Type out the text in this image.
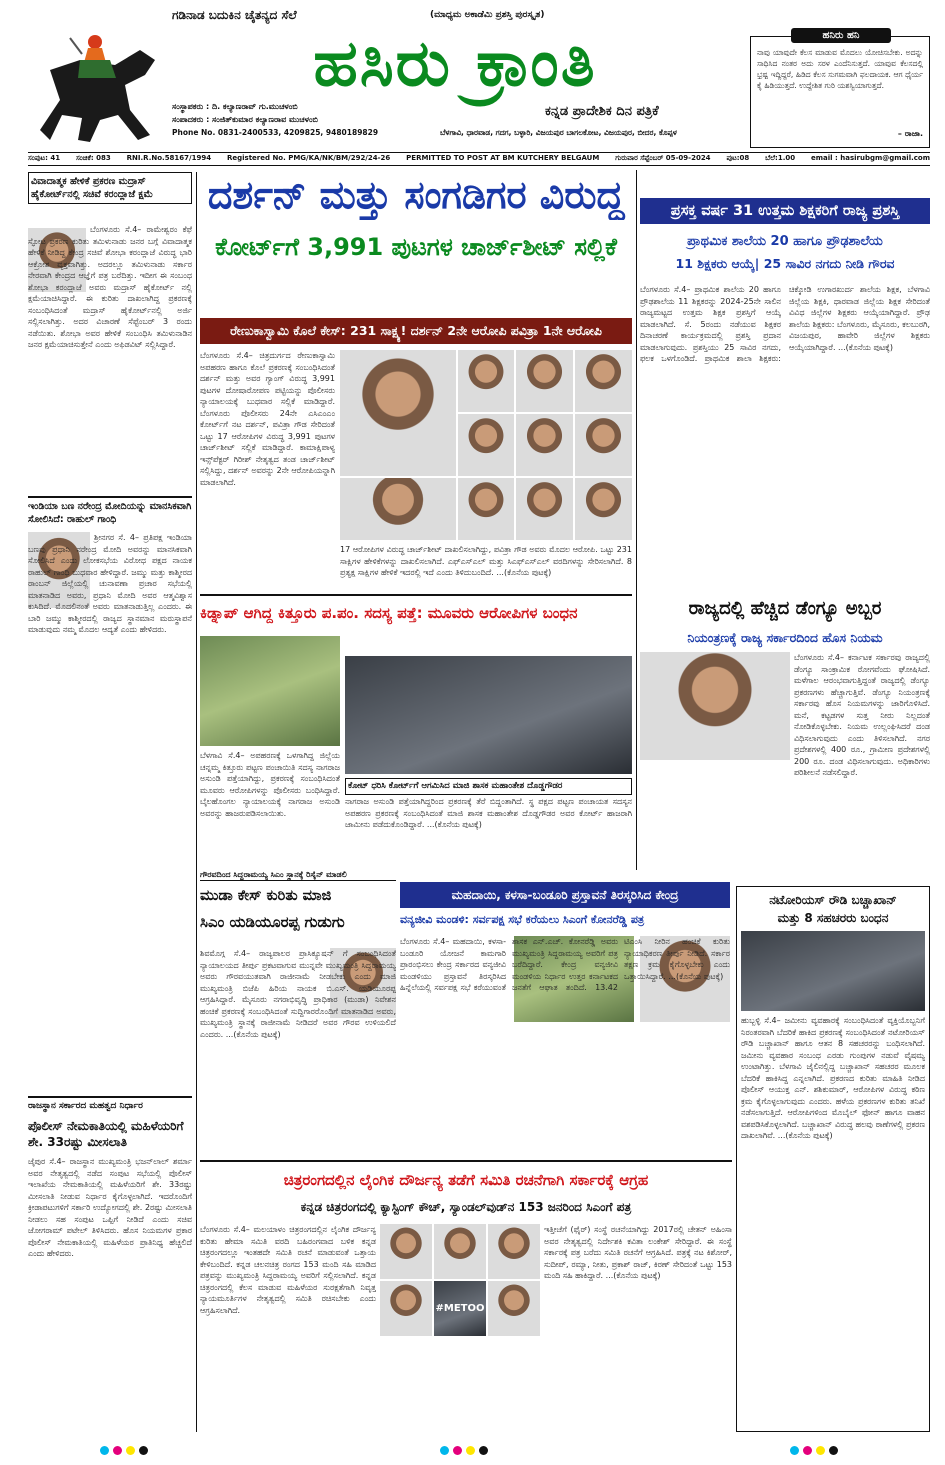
ಗಡಿನಾಡ ಬದುಕಿನ ಚೈತನ್ಯದ ಸೆಲೆ	(ಮಾಧ್ಯಮ ಅಕಾಡೆಮಿ ಪ್ರಶಸ್ತಿ ಪುರಸ್ಕೃತ)
ಹಸಿರು ಕ್ರಾಂತಿ
ಕನ್ನಡ ಪ್ರಾದೇಶಿಕ ದಿನ ಪತ್ರಿಕೆ
ಸಂಸ್ಥಾಪಕರು : ದಿ. ಕಲ್ಯಾಣರಾವ್ ಗು.ಮುಚಳಂಬಿ
ಸಂಪಾದಕರು : ಸಂಜಿತ್‌ಕುಮಾರ ಕಲ್ಯಾಣರಾವ ಮುಚಳಂಬಿ
Phone No. 0831-2400533, 4209825, 9480189829	ಬೆಳಗಾವಿ, ಧಾರವಾಡ, ಗದಗ, ಬಳ್ಳಾರಿ, ವಿಜಯಪುರ ಬಾಗಲಕೋಟ, ವಿಜಯಪುರ, ಬೀದರ, ಕೊಪ್ಪಳ
ಹನಿರು ಹನಿ
ನಾವು ಯಾವುದೇ ಕೆಲಸ ಮಾಡುವ ಮೊದಲು ಯೋಚಿಸಬೇಕು. ಅದನ್ನು ಸಾಧಿಸಿದ ನಂತರ ಅದು ಸರಳ ಎಂದೆನಿಸುತ್ತದೆ. ಯಾವುವ ಕೆಲಸದಲ್ಲಿ ಭ್ರಷ್ಟ ಇದ್ದಿದ್ದರೆ, ಹಿಡಿದ ಕೆಲಸ ಸುಗಮವಾಗಿ ಫಲದಾಯಕ. ಆಗ ಧೈರ್ಯ ಕೈ ಹಿಡಿಯುತ್ತದೆ. ಉದ್ದೇಶಿತ ಗುರಿ ಯಶಸ್ವಿಯಾಗುತ್ತದೆ.
– ರಾಜಾ.
ಸಂಪುಟ: 41 ಸಂಚಿಕೆ: 083 RNI.R.No.58167/1994 Registered No. PMG/KA/NK/BM/292/24-26 PERMITTED TO POST AT BM KUTCHERY BELGAUM ಗುರುವಾರ ಸೆಪ್ಟೆಂಬರ್ 05-09-2024 ಪುಟ:08 ಬೆಲೆ:1.00 email : hasirubgm@gmail.com
ವಿವಾದಾತ್ಮಕ ಹೇಳಿಕೆ ಪ್ರಕರಣ ಮದ್ರಾಸ್ ಹೈಕೋರ್ಟ್‌ನಲ್ಲಿ ಸಚಿವೆ ಕರಂದ್ಲಾಜೆ ಕ್ಷಮೆ
ಬೆಂಗಳೂರು ಸೆ.4– ರಾಮೇಶ್ವರಂ ಕೆಫೆ ಸ್ಫೋಟ ಪ್ರಕರಣ ಕುರಿತು ತಮಿಳುನಾಡು ಜನರ ಬಗ್ಗೆ ವಿವಾದಾತ್ಮಕ ಹೇಳಿಕೆ ನೀಡಿದ್ದ ಕೇಂದ್ರ ಸಚಿವೆ ಶೋಭಾ ಕರಂದ್ಲಾಜೆ ವಿರುದ್ಧ ಭಾರಿ ಆಕ್ರೋಶ ವ್ಯಕ್ತವಾಗಿತ್ತು. ಅದರಲ್ಲೂ ತಮಿಳುನಾಡು ಸರ್ಕಾರ ನೇರವಾಗಿ ಕೇಂದ್ರದ ಆಜ್ಞೆಗೆ ಪತ್ರ ಬರೆದಿತ್ತು. ಇದೀಗ ಈ ಸಂಬಂಧ ಶೋಭಾ ಕರಂದ್ಲಾಜೆ ಅವರು ಮದ್ರಾಸ್ ಹೈಕೋರ್ಟ್ ನಲ್ಲಿ ಕ್ಷಮೆಯಾಚಿಸಿದ್ದಾರೆ. ಈ ಕುರಿತು ದಾಖಲಾಗಿದ್ದ ಪ್ರಕರಣಕ್ಕೆ ಸಂಬಂಧಿಸಿದಂತೆ ಮದ್ರಾಸ್ ಹೈಕೋರ್ಟ್‌ನಲ್ಲಿ ಅರ್ಜಿ ಸಲ್ಲಿಸಲಾಗಿತ್ತು. ಅದರ ವಿಚಾರಣೆ ಸೆಪ್ಟೆಂಬರ್ 3 ರಂದು ನಡೆಯಿತು. ಶೋಭಾ ಅವರ ಹೇಳಿಕೆ ಸಂಬಂಧಿಸಿ ತಮಿಳುನಾಡಿನ ಜನರ ಕ್ಷಮೆಯಾಚಿಸುತ್ತೇನೆ ಎಂದು ಅಫಿಡವಿಟ್ ಸಲ್ಲಿಸಿದ್ದಾರೆ.
ಇಂಡಿಯಾ ಬಣ ನರೇಂದ್ರ ಮೋದಿಯನ್ನು ಮಾನಸಿಕವಾಗಿ ಸೋಲಿಸಿದೆ: ರಾಹುಲ್ ಗಾಂಧಿ
ಶ್ರೀನಗರ ಸೆ. 4– ಪ್ರತಿಪಕ್ಷ ಇಂಡಿಯಾ ಬಣವು ಪ್ರಧಾನಿ ನರೇಂದ್ರ ಮೋದಿ ಅವರನ್ನು ಮಾನಸಿಕವಾಗಿ ಸೋಲಿಸಿದೆ ಎಂದು ಲೋಕಸಭೆಯ ವಿರೋಧ ಪಕ್ಷದ ನಾಯಕ ರಾಹುಲ್ ಗಾಂಧಿ ಬುಧವಾರ ಹೇಳಿದ್ದಾರೆ. ಜಮ್ಮು ಮತ್ತು ಕಾಶ್ಮೀರದ ರಾಂಬನ್ ಜಿಲ್ಲೆಯಲ್ಲಿ ಚುನಾವಣಾ ಪ್ರಚಾರ ಸಭೆಯಲ್ಲಿ ಮಾತನಾಡಿದ ಅವರು, ಪ್ರಧಾನಿ ಮೋದಿ ಅವರ ಆತ್ಮವಿಶ್ವಾಸ ಕುಸಿದಿದೆ. ಮೊದಲಿನಂತೆ ಅವರು ಮಾತನಾಡುತ್ತಿಲ್ಲ ಎಂದರು. ಈ ಬಾರಿ ಜಮ್ಮು ಕಾಶ್ಮೀರದಲ್ಲಿ ರಾಜ್ಯದ ಸ್ಥಾನಮಾನ ಮರುಸ್ಥಾಪನೆ ಮಾಡುವುದು ನಮ್ಮ ಮೊದಲ ಆದ್ಯತೆ ಎಂದು ಹೇಳಿದರು.
ರಾಜಸ್ಥಾನ ಸರ್ಕಾರದ ಮಹತ್ವದ ನಿರ್ಧಾರ
ಪೊಲೀಸ್ ನೇಮಕಾತಿಯಲ್ಲಿ ಮಹಿಳೆಯರಿಗೆ ಶೇ. 33ರಷ್ಟು ಮೀಸಲಾತಿ
ಜೈಪುರ ಸೆ.4– ರಾಜಸ್ಥಾನ ಮುಖ್ಯಮಂತ್ರಿ ಭಜನ್‌ಲಾಲ್ ಶರ್ಮಾ ಅವರ ನೇತೃತ್ವದಲ್ಲಿ ನಡೆದ ಸಂಪುಟ ಸಭೆಯಲ್ಲಿ ಪೊಲೀಸ್ ಇಲಾಖೆಯ ನೇಮಕಾತಿಯಲ್ಲಿ ಮಹಿಳೆಯರಿಗೆ ಶೇ. 33ರಷ್ಟು ಮೀಸಲಾತಿ ನೀಡುವ ನಿರ್ಧಾರ ಕೈಗೊಳ್ಳಲಾಗಿದೆ. ಇದರೊಂದಿಗೆ ಕ್ರೀಡಾಪಟುಗಳಿಗೆ ಸರ್ಕಾರಿ ಉದ್ಯೋಗದಲ್ಲಿ ಶೇ. 2ರಷ್ಟು ಮೀಸಲಾತಿ ನೀಡಲು ಸಹ ಸಂಪುಟ ಒಪ್ಪಿಗೆ ನೀಡಿದೆ ಎಂದು ಸಚಿವ ಜೋಗರಾಮ್ ಪಟೇಲ್ ತಿಳಿಸಿದರು. ಹೊಸ ನಿಯಮಗಳ ಪ್ರಕಾರ ಪೊಲೀಸ್ ನೇಮಕಾತಿಯಲ್ಲಿ ಮಹಿಳೆಯರ ಪ್ರಾತಿನಿಧ್ಯ ಹೆಚ್ಚಲಿದೆ ಎಂದು ಹೇಳಿದರು.
ದರ್ಶನ್ ಮತ್ತು ಸಂಗಡಿಗರ ವಿರುದ್ಧ
ಕೋರ್ಟ್‌ಗೆ 3,991 ಪುಟಗಳ ಚಾರ್ಜ್‌ಶೀಟ್ ಸಲ್ಲಿಕೆ
ರೇಣುಕಾಸ್ವಾಮಿ ಕೊಲೆ ಕೇಸ್: 231 ಸಾಕ್ಷ್ಯ! ದರ್ಶನ್ 2ನೇ ಆರೋಪಿ ಪವಿತ್ರಾ 1ನೇ ಆರೋಪಿ
ಬೆಂಗಳೂರು ಸೆ.4– ಚಿತ್ರದುರ್ಗದ ರೇಣುಕಾಸ್ವಾಮಿ ಅಪಹರಣ ಹಾಗೂ ಕೊಲೆ ಪ್ರಕರಣಕ್ಕೆ ಸಂಬಂಧಿಸಿದಂತೆ ದರ್ಶನ್ ಮತ್ತು ಅವರ ಗ್ಯಾಂಗ್ ವಿರುದ್ಧ 3,991 ಪುಟಗಳ ದೋಷಾರೋಪಣ ಪಟ್ಟಿಯನ್ನು ಪೊಲೀಸರು ನ್ಯಾಯಾಲಯಕ್ಕೆ ಬುಧವಾರ ಸಲ್ಲಿಕೆ ಮಾಡಿದ್ದಾರೆ. ಬೆಂಗಳೂರು ಪೊಲೀಸರು 24ನೇ ಎಸಿಎಂಎಂ ಕೋರ್ಟ್‌ಗೆ ನಟ ದರ್ಶನ್, ಪವಿತ್ರಾ ಗೌಡ ಸೇರಿದಂತೆ ಒಟ್ಟು 17 ಆರೋಪಿಗಳ ವಿರುದ್ಧ 3,991 ಪುಟಗಳ ಚಾರ್ಜ್‌ಶೀಟ್ ಸಲ್ಲಿಕೆ ಮಾಡಿದ್ದಾರೆ. ಕಾಮಾಕ್ಷಿಪಾಳ್ಯ ಇನ್ಸ್‌ಪೆಕ್ಟರ್ ಗಿರೀಶ್ ನೇತೃತ್ವದ ತಂಡ ಚಾರ್ಜ್‌ಶೀಟ್ ಸಲ್ಲಿಸಿದ್ದು, ದರ್ಶನ್ ಅವರನ್ನು 2ನೇ ಆರೋಪಿಯನ್ನಾಗಿ ಮಾಡಲಾಗಿದೆ.
17 ಆರೋಪಿಗಳ ವಿರುದ್ಧ ಚಾರ್ಜ್‌ಶೀಟ್ ದಾಖಲಿಸಲಾಗಿದ್ದು, ಪವಿತ್ರಾ ಗೌಡ ಅವರು ಮೊದಲ ಆರೋಪಿ. ಒಟ್ಟು 231 ಸಾಕ್ಷಿಗಳ ಹೇಳಿಕೆಗಳನ್ನು ದಾಖಲಿಸಲಾಗಿದೆ. ಎಫ್‌ಎಸ್‌ಎಲ್ ಮತ್ತು ಸಿಎಫ್‌ಎಸ್‌ಎಲ್ ವರದಿಗಳನ್ನು ಸೇರಿಸಲಾಗಿದೆ. 8 ಪ್ರತ್ಯಕ್ಷ ಸಾಕ್ಷಿಗಳ ಹೇಳಿಕೆ ಇದರಲ್ಲಿ ಇದೆ ಎಂದು ತಿಳಿದುಬಂದಿದೆ. ...(ಕೊನೆಯ ಪುಟಕ್ಕೆ)
ಪ್ರಸಕ್ತ ವರ್ಷ 31 ಉತ್ತಮ ಶಿಕ್ಷಕರಿಗೆ ರಾಜ್ಯ ಪ್ರಶಸ್ತಿ
ಪ್ರಾಥಮಿಕ ಶಾಲೆಯ 20 ಹಾಗೂ ಪ್ರೌಢಶಾಲೆಯ
11 ಶಿಕ್ಷಕರು ಆಯ್ಕೆ| 25 ಸಾವಿರ ನಗದು ನೀಡಿ ಗೌರವ
ಬೆಂಗಳೂರು ಸೆ.4– ಪ್ರಾಥಮಿಕ ಶಾಲೆಯ 20 ಹಾಗೂ ಪ್ರೌಢಶಾಲೆಯ 11 ಶಿಕ್ಷಕರನ್ನು 2024-25ನೇ ಸಾಲಿನ ರಾಜ್ಯಮಟ್ಟದ ಉತ್ತಮ ಶಿಕ್ಷಕ ಪ್ರಶಸ್ತಿಗೆ ಆಯ್ಕೆ ಮಾಡಲಾಗಿದೆ. ಸೆ. 5ರಂದು ನಡೆಯುವ ಶಿಕ್ಷಕರ ದಿನಾಚರಣೆ ಕಾರ್ಯಕ್ರಮದಲ್ಲಿ ಪ್ರಶಸ್ತಿ ಪ್ರದಾನ ಮಾಡಲಾಗುವುದು. ಪ್ರಶಸ್ತಿಯು 25 ಸಾವಿರ ನಗದು, ಫಲಕ ಒಳಗೊಂಡಿದೆ. ಪ್ರಾಥಮಿಕ ಶಾಲಾ ಶಿಕ್ಷಕರು: ಚಿಕ್ಕೋಡಿ ಉಗಾರಖುರ್ದ ಶಾಲೆಯ ಶಿಕ್ಷಕ, ಬೆಳಗಾವಿ ಜಿಲ್ಲೆಯ ಶಿಕ್ಷಕಿ, ಧಾರವಾಡ ಜಿಲ್ಲೆಯ ಶಿಕ್ಷಕ ಸೇರಿದಂತೆ ವಿವಿಧ ಜಿಲ್ಲೆಗಳ ಶಿಕ್ಷಕರು ಆಯ್ಕೆಯಾಗಿದ್ದಾರೆ. ಪ್ರೌಢ ಶಾಲೆಯ ಶಿಕ್ಷಕರು: ಬೆಂಗಳೂರು, ಮೈಸೂರು, ಕಲಬುರಗಿ, ವಿಜಯಪುರ, ಹಾವೇರಿ ಜಿಲ್ಲೆಗಳ ಶಿಕ್ಷಕರು ಆಯ್ಕೆಯಾಗಿದ್ದಾರೆ. ...(ಕೊನೆಯ ಪುಟಕ್ಕೆ)
ಕಿಡ್ನಾಪ್ ಆಗಿದ್ದ ಕಿತ್ತೂರು ಪ.ಪಂ. ಸದಸ್ಯ ಪತ್ತೆ: ಮೂವರು ಆರೋಪಿಗಳ ಬಂಧನ
ಬೆಳಗಾವಿ ಸೆ.4– ಅಪಹರಣಕ್ಕೆ ಒಳಗಾಗಿದ್ದ ಜಿಲ್ಲೆಯ ಚನ್ನಮ್ಮ ಕಿತ್ತೂರು ಪಟ್ಟಣ ಪಂಚಾಯಿತಿ ಸದಸ್ಯ ನಾಗರಾಜ ಅಸುಂಡಿ ಪತ್ತೆಯಾಗಿದ್ದು, ಪ್ರಕರಣಕ್ಕೆ ಸಂಬಂಧಿಸಿದಂತೆ ಮೂವರು ಆರೋಪಿಗಳನ್ನು ಪೊಲೀಸರು ಬಂಧಿಸಿದ್ದಾರೆ. ಬೈಲಹೊಂಗಲ ನ್ಯಾಯಾಲಯಕ್ಕೆ ನಾಗರಾಜ ಅಸುಂಡಿ ಅವರನ್ನು ಹಾಜರುಪಡಿಸಲಾಯಿತು.
ಕೋಟ್ ಧರಿಸಿ ಕೋರ್ಟ್‌ಗೆ ಆಗಮಿಸಿದ ಮಾಜಿ ಶಾಸಕ ಮಹಾಂತೇಶ ದೊಡ್ಡಗೌಡರ
ನಾಗರಾಜ ಅಸುಂಡಿ ಪತ್ತೆಯಾಗಿದ್ದರಿಂದ ಪ್ರಕರಣಕ್ಕೆ ತೆರೆ ಬಿದ್ದಂತಾಗಿದೆ. ಸ್ಥ ಪಕ್ಷದ ಪಟ್ಟಣ ಪಂಚಾಯತ ಸದಸ್ಯನ ಅಪಹರಣ ಪ್ರಕರಣಕ್ಕೆ ಸಂಬಂಧಿಸಿದಂತೆ ಮಾಜಿ ಶಾಸಕ ಮಹಾಂತೇಶ ದೊಡ್ಡಗೌಡರ ಅವರ ಕೋರ್ಟ್ ಹಾಜರಾಗಿ ಜಾಮೀನು ಪಡೆದುಕೊಂಡಿದ್ದಾರೆ. ...(ಕೊನೆಯ ಪುಟಕ್ಕೆ)
ರಾಜ್ಯದಲ್ಲಿ ಹೆಚ್ಚಿದ ಡೆಂಗ್ಯೂ ಅಬ್ಬರ
ನಿಯಂತ್ರಣಕ್ಕೆ ರಾಜ್ಯ ಸರ್ಕಾರದಿಂದ ಹೊಸ ನಿಯಮ
ಬೆಂಗಳೂರು ಸೆ.4– ಕರ್ನಾಟಕ ಸರ್ಕಾರವು ರಾಜ್ಯದಲ್ಲಿ ಡೆಂಗ್ಯೂ ಸಾಂಕ್ರಾಮಿಕ ರೋಗವೆಂದು ಘೋಷಿಸಿದೆ. ಮಳೆಗಾಲ ಆರಂಭವಾಗುತ್ತಿದ್ದಂತೆ ರಾಜ್ಯದಲ್ಲಿ ಡೆಂಗ್ಯೂ ಪ್ರಕರಣಗಳು ಹೆಚ್ಚಾಗುತ್ತಿವೆ. ಡೆಂಗ್ಯೂ ನಿಯಂತ್ರಣಕ್ಕೆ ಸರ್ಕಾರವು ಹೊಸ ನಿಯಮಗಳನ್ನು ಜಾರಿಗೊಳಿಸಿದೆ. ಮನೆ, ಕಟ್ಟಡಗಳ ಸುತ್ತ ನೀರು ನಿಲ್ಲದಂತೆ ನೋಡಿಕೊಳ್ಳಬೇಕು. ನಿಯಮ ಉಲ್ಲಂಘಿಸಿದರೆ ದಂಡ ವಿಧಿಸಲಾಗುವುದು ಎಂದು ತಿಳಿಸಲಾಗಿದೆ. ನಗರ ಪ್ರದೇಶಗಳಲ್ಲಿ 400 ರೂ., ಗ್ರಾಮೀಣ ಪ್ರದೇಶಗಳಲ್ಲಿ 200 ರೂ. ದಂಡ ವಿಧಿಸಲಾಗುವುದು. ಅಧಿಕಾರಿಗಳು ಪರಿಶೀಲನೆ ನಡೆಸಲಿದ್ದಾರೆ.
ಗೌರವದಿಂದ ಸಿದ್ದರಾಮಯ್ಯ ಸಿಎಂ ಸ್ಥಾನಕ್ಕೆ ರಿಸೈನ್ ಮಾಡಲಿ
ಮುಡಾ ಕೇಸ್ ಕುರಿತು ಮಾಜಿ
ಸಿಎಂ ಯಡಿಯೂರಪ್ಪ ಗುಡುಗು
ಶಿವಮೊಗ್ಗ ಸೆ.4– ರಾಜ್ಯಪಾಲರ ಪ್ರಾಸಿಕ್ಯೂಷನ್ ಗೆ ಸಂಬಂಧಿಸಿದಂತೆ ನ್ಯಾಯಾಲಯದ ತೀರ್ಪು ಪ್ರಕಟವಾಗುವ ಮುನ್ನವೇ ಮುಖ್ಯಮಂತ್ರಿ ಸಿದ್ದರಾಮಯ್ಯ ಅವರು ಗೌರವಯುತವಾಗಿ ರಾಜೀನಾಮೆ ನೀಡಬೇಕು ಎಂದು ಮಾಜಿ ಮುಖ್ಯಮಂತ್ರಿ ಬಿಜೆಪಿ ಹಿರಿಯ ನಾಯಕ ಬಿ.ಎಸ್. ಯಡಿಯೂರಪ್ಪ ಆಗ್ರಹಿಸಿದ್ದಾರೆ. ಮೈಸೂರು ನಗರಾಭಿವೃದ್ಧಿ ಪ್ರಾಧಿಕಾರ (ಮುಡಾ) ನಿವೇಶನ ಹಂಚಿಕೆ ಪ್ರಕರಣಕ್ಕೆ ಸಂಬಂಧಿಸಿದಂತೆ ಸುದ್ದಿಗಾರರೊಂದಿಗೆ ಮಾತನಾಡಿದ ಅವರು, ಮುಖ್ಯಮಂತ್ರಿ ಸ್ಥಾನಕ್ಕೆ ರಾಜೀನಾಮೆ ನೀಡಿದರೆ ಅವರ ಗೌರವ ಉಳಿಯಲಿದೆ ಎಂದರು. ...(ಕೊನೆಯ ಪುಟಕ್ಕೆ)
ಮಹದಾಯಿ, ಕಳಸಾ-ಬಂಡೂರಿ ಪ್ರಸ್ತಾವನೆ ತಿರಸ್ಕರಿಸಿದ ಕೇಂದ್ರ
ವನ್ಯಜೀವಿ ಮಂಡಳಿ: ಸರ್ವಪಕ್ಷ ಸಭೆ ಕರೆಯಲು ಸಿಎಂಗೆ ಕೋನರೆಡ್ಡಿ ಪತ್ರ
ಬೆಂಗಳೂರು ಸೆ.4– ಮಹದಾಯಿ, ಕಳಸಾ-ಬಂಡೂರಿ ಯೋಜನೆ ಕಾಮಗಾರಿ ಪ್ರಾರಂಭಿಸಲು ಕೇಂದ್ರ ಸರ್ಕಾರದ ವನ್ಯಜೀವಿ ಮಂಡಳಿಯು ಪ್ರಸ್ತಾವನೆ ತಿರಸ್ಕರಿಸಿದ ಹಿನ್ನೆಲೆಯಲ್ಲಿ ಸರ್ವಪಕ್ಷ ಸಭೆ ಕರೆಯುವಂತೆ ಶಾಸಕ ಎನ್.ಎಚ್. ಕೋನರೆಡ್ಡಿ ಅವರು ಮುಖ್ಯಮಂತ್ರಿ ಸಿದ್ದರಾಮಯ್ಯ ಅವರಿಗೆ ಪತ್ರ ಬರೆದಿದ್ದಾರೆ. ಕೇಂದ್ರ ವನ್ಯಜೀವಿ ಮಂಡಳಿಯ ನಿರ್ಧಾರ ಉತ್ತರ ಕರ್ನಾಟಕದ ಜನತೆಗೆ ಆಘಾತ ತಂದಿದೆ. 13.42 ಟಿಎಂಸಿ ನೀರಿನ ಹಂಚಿಕೆ ಕುರಿತು ನ್ಯಾಯಾಧಿಕರಣ ತೀರ್ಪು ನೀಡಿದೆ. ಸರ್ಕಾರ ತಕ್ಷಣ ಕ್ರಮ ಕೈಗೊಳ್ಳಬೇಕು ಎಂದು ಒತ್ತಾಯಿಸಿದ್ದಾರೆ. ...(ಕೊನೆಯ ಪುಟಕ್ಕೆ)
ನಟೋರಿಯಸ್ ರೌಡಿ ಬಚ್ಚಾಖಾನ್
ಮತ್ತು 8 ಸಹಚರರು ಬಂಧನ
ಹುಬ್ಬಳ್ಳಿ ಸೆ.4– ಜಮೀನು ವ್ಯವಹಾರಕ್ಕೆ ಸಂಬಂಧಿಸಿದಂತೆ ವ್ಯಕ್ತಿಯೊಬ್ಬನಿಗೆ ನಿರಂತರವಾಗಿ ಬೆದರಿಕೆ ಹಾಕಿದ ಪ್ರಕರಣಕ್ಕೆ ಸಂಬಂಧಿಸಿದಂತೆ ನಟೋರಿಯಸ್ ರೌಡಿ ಬಚ್ಚಾಖಾನ್ ಹಾಗೂ ಆತನ 8 ಸಹಚರರನ್ನು ಬಂಧಿಸಲಾಗಿದೆ. ಜಮೀನು ವ್ಯವಹಾರ ಸಂಬಂಧ ಎರಡು ಗುಂಪುಗಳ ನಡುವೆ ವೈಷಮ್ಯ ಉಂಟಾಗಿತ್ತು. ಬೆಳಗಾವಿ ಜೈಲಿನಲ್ಲಿದ್ದ ಬಚ್ಚಾಖಾನ್ ಸಹಚರರ ಮೂಲಕ ಬೆದರಿಕೆ ಹಾಕಿಸಿದ್ದ ಎನ್ನಲಾಗಿದೆ. ಪ್ರಕರಣದ ಕುರಿತು ಮಾಹಿತಿ ನೀಡಿದ ಪೊಲೀಸ್ ಆಯುಕ್ತ ಎನ್. ಶಶಿಕುಮಾರ್, ಆರೋಪಿಗಳ ವಿರುದ್ಧ ಕಠಿಣ ಕ್ರಮ ಕೈಗೊಳ್ಳಲಾಗುವುದು ಎಂದರು. ಹಳೆಯ ಪ್ರಕರಣಗಳ ಕುರಿತು ತನಿಖೆ ನಡೆಸಲಾಗುತ್ತಿದೆ. ಆರೋಪಿಗಳಿಂದ ಮೊಬೈಲ್ ಫೋನ್ ಹಾಗೂ ವಾಹನ ವಶಪಡಿಸಿಕೊಳ್ಳಲಾಗಿದೆ. ಬಚ್ಚಾಖಾನ್ ವಿರುದ್ಧ ಹಲವು ಠಾಣೆಗಳಲ್ಲಿ ಪ್ರಕರಣ ದಾಖಲಾಗಿವೆ. ...(ಕೊನೆಯ ಪುಟಕ್ಕೆ)
ಚಿತ್ರರಂಗದಲ್ಲಿನ ಲೈಂಗಿಕ ದೌರ್ಜನ್ಯ ತಡೆಗೆ ಸಮಿತಿ ರಚನೆಗಾಗಿ ಸರ್ಕಾರಕ್ಕೆ ಆಗ್ರಹ
ಕನ್ನಡ ಚಿತ್ರರಂಗದಲ್ಲಿ ಕ್ಯಾಸ್ಟಿಂಗ್ ಕೌಚ್, ಸ್ಯಾಂಡಲ್‌ವುಡ್‌ನ 153 ಜನರಿಂದ ಸಿಎಂಗೆ ಪತ್ರ
ಬೆಂಗಳೂರು ಸೆ.4– ಮಲಯಾಳಂ ಚಿತ್ರರಂಗದಲ್ಲಿನ ಲೈಂಗಿಕ ದೌರ್ಜನ್ಯ ಕುರಿತು ಹೇಮಾ ಸಮಿತಿ ವರದಿ ಬಹಿರಂಗವಾದ ಬಳಿಕ ಕನ್ನಡ ಚಿತ್ರರಂಗದಲ್ಲೂ ಇಂತಹದೇ ಸಮಿತಿ ರಚನೆ ಮಾಡುವಂತೆ ಒತ್ತಾಯ ಕೇಳಿಬಂದಿದೆ. ಕನ್ನಡ ಚಲನಚಿತ್ರ ರಂಗದ 153 ಮಂದಿ ಸಹಿ ಮಾಡಿದ ಪತ್ರವನ್ನು ಮುಖ್ಯಮಂತ್ರಿ ಸಿದ್ದರಾಮಯ್ಯ ಅವರಿಗೆ ಸಲ್ಲಿಸಲಾಗಿದೆ. ಕನ್ನಡ ಚಿತ್ರರಂಗದಲ್ಲಿ ಕೆಲಸ ಮಾಡುವ ಮಹಿಳೆಯರ ಸುರಕ್ಷತೆಗಾಗಿ ನಿವೃತ್ತ ನ್ಯಾಯಮೂರ್ತಿಗಳ ನೇತೃತ್ವದಲ್ಲಿ ಸಮಿತಿ ರಚಿಸಬೇಕು ಎಂದು ಆಗ್ರಹಿಸಲಾಗಿದೆ.	#METOO
ಇತ್ತೀಚೆಗೆ (ಫೈರ್) ಸಂಸ್ಥೆ ರಚನೆಯಾಗಿದ್ದು 2017ರಲ್ಲಿ ಚೇತನ್ ಅಹಿಂಸಾ ಅವರ ನೇತೃತ್ವದಲ್ಲಿ ನಿರ್ದೇಶಕಿ ಕವಿತಾ ಲಂಕೇಶ್ ಸೇರಿದ್ದಾರೆ. ಈ ಸಂಸ್ಥೆ ಸರ್ಕಾರಕ್ಕೆ ಪತ್ರ ಬರೆದು ಸಮಿತಿ ರಚನೆಗೆ ಆಗ್ರಹಿಸಿದೆ. ಪತ್ರಕ್ಕೆ ನಟ ಕಿಶೋರ್, ಸುದೀಪ್, ರಮ್ಯಾ, ನೀತು, ಪ್ರಕಾಶ್ ರಾಜ್, ಕಿರಣ್ ಸೇರಿದಂತೆ ಒಟ್ಟು 153 ಮಂದಿ ಸಹಿ ಹಾಕಿದ್ದಾರೆ. ...(ಕೊನೆಯ ಪುಟಕ್ಕೆ)
